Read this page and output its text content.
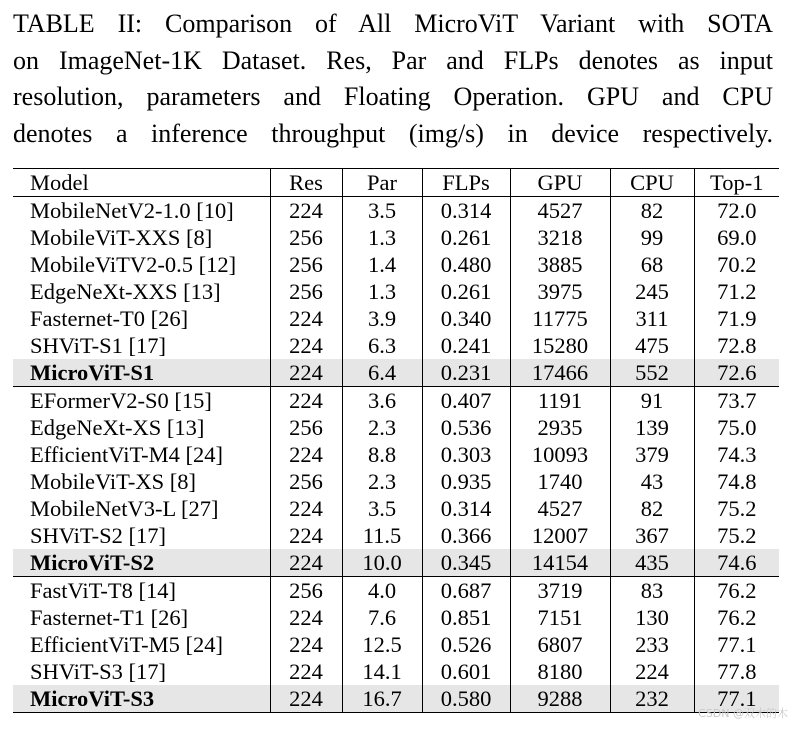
TABLE II: Comparison of All MicroViT Variant with SOTA
on ImageNet-1K Dataset. Res, Par and FLPs denotes as input
resolution, parameters and Floating Operation. GPU and CPU
denotes a inference throughput (img/s) in device respectively.
Model	Res	Par	FLPs	GPU	CPU	Top-1
MobileNetV2-1.0 [10]	224	3.5	0.314	4527	82	72.0
MobileViT-XXS [8]	256	1.3	0.261	3218	99	69.0
MobileViTV2-0.5 [12]	256	1.4	0.480	3885	68	70.2
EdgeNeXt-XXS [13]	256	1.3	0.261	3975	245	71.2
Fasternet-T0 [26]	224	3.9	0.340	11775	311	71.9
SHViT-S1 [17]	224	6.3	0.241	15280	475	72.8
MicroViT-S1	224	6.4	0.231	17466	552	72.6
EFormerV2-S0 [15]	224	3.6	0.407	1191	91	73.7
EdgeNeXt-XS [13]	256	2.3	0.536	2935	139	75.0
EfficientViT-M4 [24]	224	8.8	0.303	10093	379	74.3
MobileViT-XS [8]	256	2.3	0.935	1740	43	74.8
MobileNetV3-L [27]	224	3.5	0.314	4527	82	75.2
SHViT-S2 [17]	224	11.5	0.366	12007	367	75.2
MicroViT-S2	224	10.0	0.345	14154	435	74.6
FastViT-T8 [14]	256	4.0	0.687	3719	83	76.2
Fasternet-T1 [26]	224	7.6	0.851	7151	130	76.2
EfficientViT-M5 [24]	224	12.5	0.526	6807	233	77.1
SHViT-S3 [17]	224	14.1	0.601	8180	224	77.8
MicroViT-S3	224	16.7	0.580	9288	232	77.1
CSDN @双木的木
